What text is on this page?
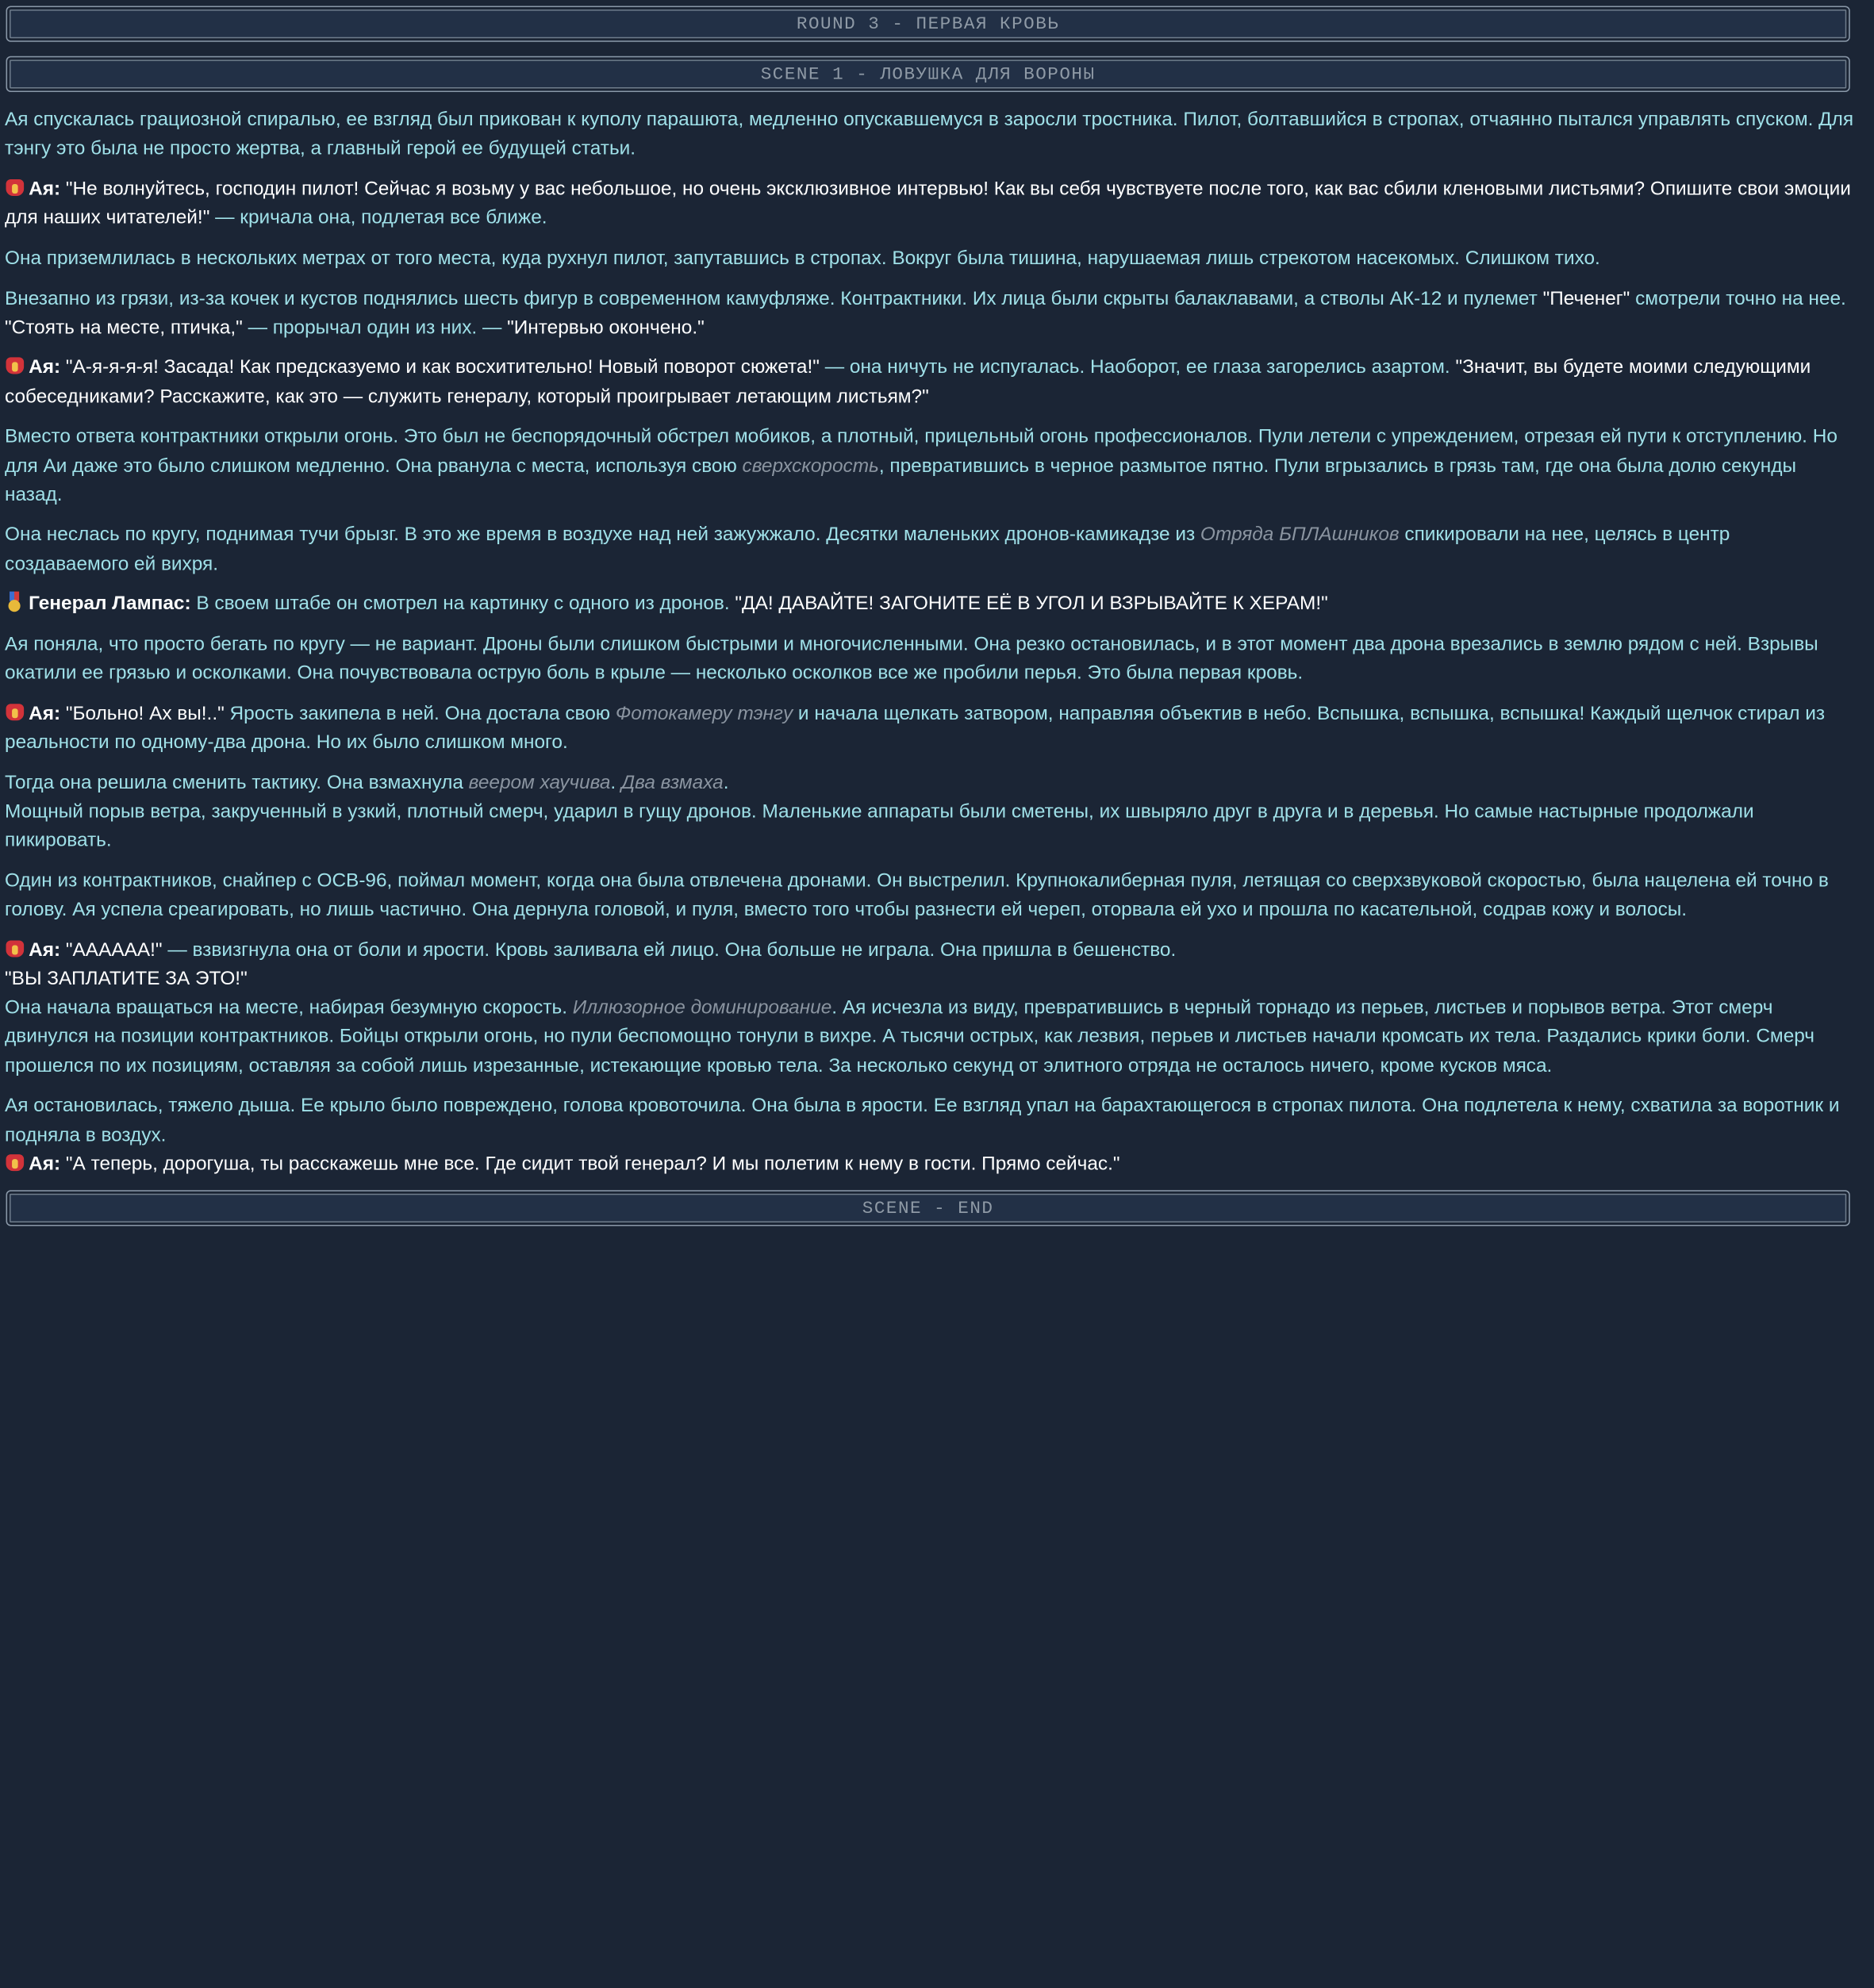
ROUND 3 - ПЕРВАЯ КРОВЬ
SCENE 1 - ЛОВУШКА ДЛЯ ВОРОНЫ

Ая спускалась грациозной спиралью, ее взгляд был прикован к куполу парашюта, медленно опускавшемуся в заросли тростника. Пилот, болтавшийся в стропах, отчаянно пытался управлять спуском. Для тэнгу это была не просто жертва, а главный герой ее будущей статьи.

Ая: "Не волнуйтесь, господин пилот! Сейчас я возьму у вас небольшое, но очень эксклюзивное интервью! Как вы себя чувствуете после того, как вас сбили кленовыми листьями? Опишите свои эмоции для наших читателей!" — кричала она, подлетая все ближе.

Она приземлилась в нескольких метрах от того места, куда рухнул пилот, запутавшись в стропах. Вокруг была тишина, нарушаемая лишь стрекотом насекомых. Слишком тихо.

Внезапно из грязи, из-за кочек и кустов поднялись шесть фигур в современном камуфляже. Контрактники. Их лица были скрыты балаклавами, а стволы АК-12 и пулемет "Печенег" смотрели точно на нее.
"Стоять на месте, птичка," — прорычал один из них. — "Интервью окончено."

Ая: "А-я-я-я-я! Засада! Как предсказуемо и как восхитительно! Новый поворот сюжета!" — она ничуть не испугалась. Наоборот, ее глаза загорелись азартом. "Значит, вы будете моими следующими собеседниками? Расскажите, как это — служить генералу, который проигрывает летающим листьям?"

Вместо ответа контрактники открыли огонь. Это был не беспорядочный обстрел мобиков, а плотный, прицельный огонь профессионалов. Пули летели с упреждением, отрезая ей пути к отступлению. Но для Аи даже это было слишком медленно. Она рванула с места, используя свою сверхскорость, превратившись в черное размытое пятно. Пули вгрызались в грязь там, где она была долю секунды назад.

Она неслась по кругу, поднимая тучи брызг. В это же время в воздухе над ней зажужжало. Десятки маленьких дронов-камикадзе из Отряда БПЛАшников спикировали на нее, целясь в центр создаваемого ей вихря.

Генерал Лампас: В своем штабе он смотрел на картинку с одного из дронов. "ДА! ДАВАЙТЕ! ЗАГОНИТЕ ЕЁ В УГОЛ И ВЗРЫВАЙТЕ К ХЕРАМ!"

Ая поняла, что просто бегать по кругу — не вариант. Дроны были слишком быстрыми и многочисленными. Она резко остановилась, и в этот момент два дрона врезались в землю рядом с ней. Взрывы окатили ее грязью и осколками. Она почувствовала острую боль в крыле — несколько осколков все же пробили перья. Это была первая кровь.

Ая: "Больно! Ах вы!.." Ярость закипела в ней. Она достала свою Фотокамеру тэнгу и начала щелкать затвором, направляя объектив в небо. Вспышка, вспышка, вспышка! Каждый щелчок стирал из реальности по одному-два дрона. Но их было слишком много.

Тогда она решила сменить тактику. Она взмахнула веером хаучива. Два взмаха.
Мощный порыв ветра, закрученный в узкий, плотный смерч, ударил в гущу дронов. Маленькие аппараты были сметены, их швыряло друг в друга и в деревья. Но самые настырные продолжали пикировать.

Один из контрактников, снайпер с ОСВ-96, поймал момент, когда она была отвлечена дронами. Он выстрелил. Крупнокалиберная пуля, летящая со сверхзвуковой скоростью, была нацелена ей точно в голову. Ая успела среагировать, но лишь частично. Она дернула головой, и пуля, вместо того чтобы разнести ей череп, оторвала ей ухо и прошла по касательной, содрав кожу и волосы.

Ая: "АААААА!" — взвизгнула она от боли и ярости. Кровь заливала ей лицо. Она больше не играла. Она пришла в бешенство.
"ВЫ ЗАПЛАТИТЕ ЗА ЭТО!"
Она начала вращаться на месте, набирая безумную скорость. Иллюзорное доминирование. Ая исчезла из виду, превратившись в черный торнадо из перьев, листьев и порывов ветра. Этот смерч двинулся на позиции контрактников. Бойцы открыли огонь, но пули беспомощно тонули в вихре. А тысячи острых, как лезвия, перьев и листьев начали кромсать их тела. Раздались крики боли. Смерч прошелся по их позициям, оставляя за собой лишь изрезанные, истекающие кровью тела. За несколько секунд от элитного отряда не осталось ничего, кроме кусков мяса.

Ая остановилась, тяжело дыша. Ее крыло было повреждено, голова кровоточила. Она была в ярости. Ее взгляд упал на барахтающегося в стропах пилота. Она подлетела к нему, схватила за воротник и подняла в воздух.
Ая: "А теперь, дорогуша, ты расскажешь мне все. Где сидит твой генерал? И мы полетим к нему в гости. Прямо сейчас."

SCENE - END
